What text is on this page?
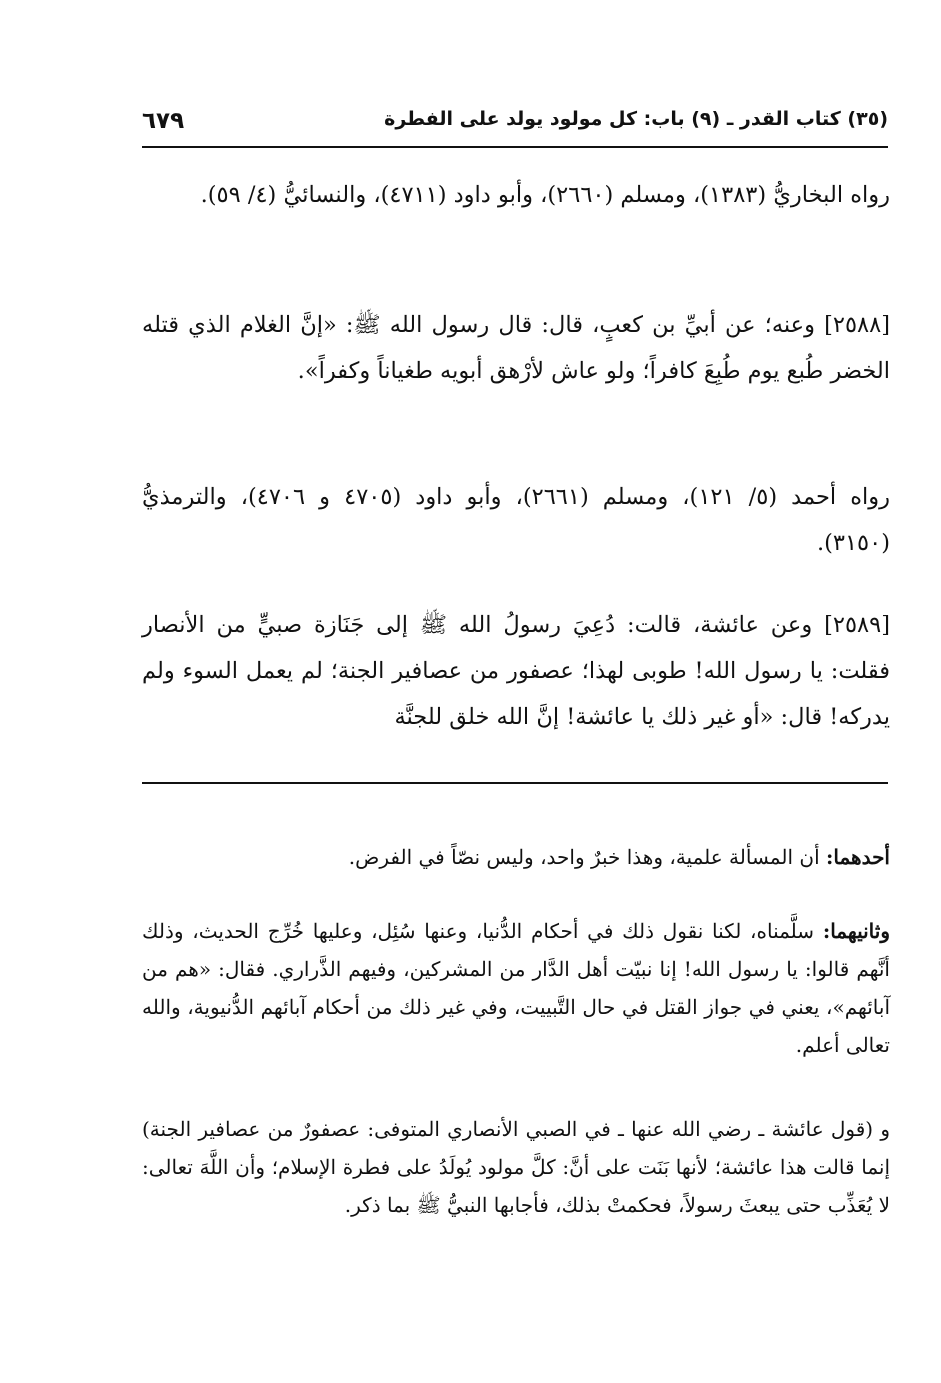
(٣٥) كتاب القدر ـ (٩) باب: كل مولود يولد على الفطرة
٦٧٩

رواه البخاريُّ (١٣٨٣)، ومسلم (٢٦٦٠)، وأبو داود (٤٧١١)، والنسائيُّ (٤/ ٥٩).

[٢٥٨٨] وعنه؛ عن أبيِّ بن كعبٍ، قال: قال رسول الله ﷺ: «إنَّ الغلام الذي قتله الخضر طُبع يوم طُبِعَ كافراً؛ ولو عاش لأرْهق أبويه طغياناً وكفراً».

رواه أحمد (٥/ ١٢١)، ومسلم (٢٦٦١)، وأبو داود (٤٧٠٥ و ٤٧٠٦)، والترمذيُّ (٣١٥٠).

[٢٥٨٩] وعن عائشة، قالت: دُعِيَ رسولُ الله ﷺ إلى جَنَازة صبيٍّ من الأنصار فقلت: يا رسول الله! طوبى لهذا؛ عصفور من عصافير الجنة؛ لم يعمل السوء ولم يدركه! قال: «أو غير ذلك يا عائشة! إنَّ الله خلق للجنَّة

أحدهما: أن المسألة علمية، وهذا خبرٌ واحد، وليس نصّاً في الفرض.

وثانيهما: سلَّمناه، لكنا نقول ذلك في أحكام الدُّنيا، وعنها سُئِل، وعليها خُرِّج الحديث، وذلك أنَّهم قالوا: يا رسول الله! إنا نبيّت أهل الدَّار من المشركين، وفيهم الذَّراري. فقال: «هم من آبائهم»، يعني في جواز القتل في حال التَّبييت، وفي غير ذلك من أحكام آبائهم الدُّنيوية، والله تعالى أعلم.

و (قول عائشة ـ رضي الله عنها ـ في الصبي الأنصاري المتوفى: عصفورٌ من عصافير الجنة) إنما قالت هذا عائشة؛ لأنها بَنَت على أنَّ: كلَّ مولود يُولَدُ على فطرة الإسلام؛ وأن اللَّهَ تعالى: لا يُعَذِّب حتى يبعثَ رسولاً، فحكمتْ بذلك، فأجابها النبيُّ ﷺ بما ذكر.
